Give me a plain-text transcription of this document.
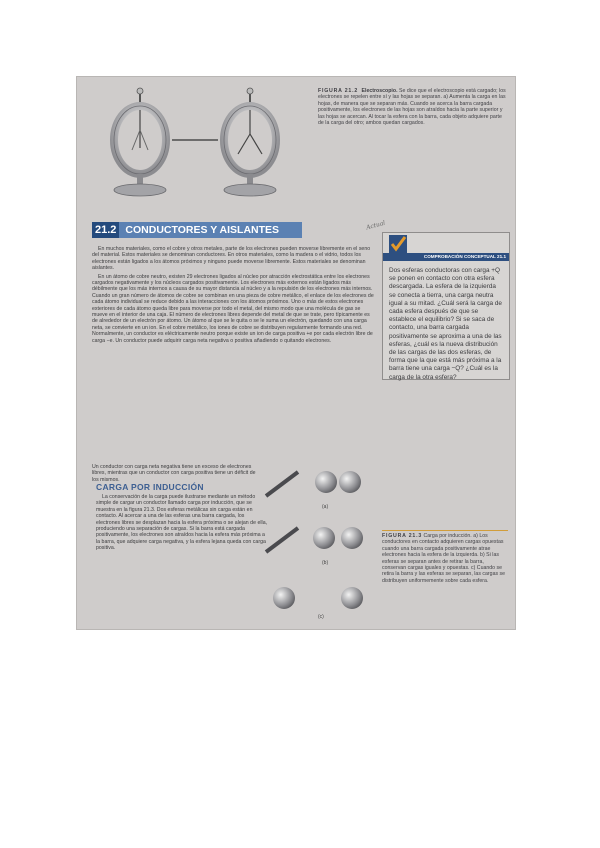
FIGURA 21.2 Electroscopio. Se dice que el electroscopio está cargado; los electrones se repelen entre sí y las hojas se separan. a) Aumenta la carga en las hojas, de manera que se separan más. Cuando se acerca la barra cargada positivamente, los electrones de las hojas son atraídos hacia la parte superior y las hojas se acercan. Al tocar la esfera con la barra, cada objeto adquiere parte de la carga del otro; ambos quedan cargados.
21.2 CONDUCTORES Y AISLANTES	Actual

En muchos materiales, como el cobre y otros metales, parte de los electrones pueden moverse libremente en el seno del material. Estos materiales se denominan conductores. En otros materiales, como la madera o el vidrio, todos los electrones están ligados a los átomos próximos y ninguno puede moverse libremente. Estos materiales se denominan aislantes.

En un átomo de cobre neutro, existen 29 electrones ligados al núcleo por atracción electrostática entre los electrones cargados negativamente y los núcleos cargados positivamente. Los electrones más externos están ligados más débilmente que los más internos a causa de su mayor distancia al núcleo y a la repulsión de los electrones más internos. Cuando un gran número de átomos de cobre se combinan en una pieza de cobre metálico, el enlace de los electrones de cada átomo individual se reduce debido a las interacciones con los átomos próximos. Uno o más de estos electrones exteriores de cada átomo queda libre para moverse por todo el metal, del mismo modo que una molécula de gas se mueve en el interior de una caja. El número de electrones libres depende del metal de que se trate, pero típicamente es de alrededor de un electrón por átomo. Un átomo al que se le quita o se le suma un electrón, quedando con una carga neta, se convierte en un ion. En el cobre metálico, los iones de cobre se distribuyen regularmente formando una red. Normalmente, un conductor es eléctricamente neutro porque existe un ion de carga positiva +e por cada electrón libre de carga −e. Un conductor puede adquirir carga neta negativa o positiva añadiendo o quitando electrones.

COMPROBACIÓN CONCEPTUAL 21.1
Dos esferas conductoras con carga +Q se ponen en contacto con otra esfera descargada. La esfera de la izquierda se conecta a tierra, una carga neutra igual a su mitad. ¿Cuál será la carga de cada esfera después de que se establece el equilibrio? Si se saca de contacto, una barra cargada positivamente se aproxima a una de las esferas, ¿cuál es la nueva distribución de las cargas de las dos esferas, de forma que la que está más próxima a la barra tiene una carga −Q? ¿Cuál es la carga de la otra esfera?
Un conductor con carga neta negativa tiene un exceso de electrones libres, mientras que un conductor con carga positiva tiene un déficit de los mismos.
CARGA POR INDUCCIÓN

La conservación de la carga puede ilustrarse mediante un método simple de cargar un conductor llamado carga por inducción, que se muestra en la figura 21.3. Dos esferas metálicas sin carga están en contacto. Al acercar a una de las esferas una barra cargada, los electrones libres se desplazan hacia la esfera próxima o se alejan de ella, produciendo una separación de cargas. Si la barra está cargada positivamente, los electrones son atraídos hacia la esfera más próxima a la barra, que adquiere carga negativa, y la esfera lejana queda con carga positiva.

(a)
(b)
(c)
FIGURA 21.3 Carga por inducción. a) Los conductores en contacto adquieren cargas opuestas cuando una barra cargada positivamente atrae electrones hacia la esfera de la izquierda. b) Si las esferas se separan antes de retirar la barra, conservan cargas iguales y opuestas. c) Cuando se retira la barra y las esferas se separan, las cargas se distribuyen uniformemente sobre cada esfera.
